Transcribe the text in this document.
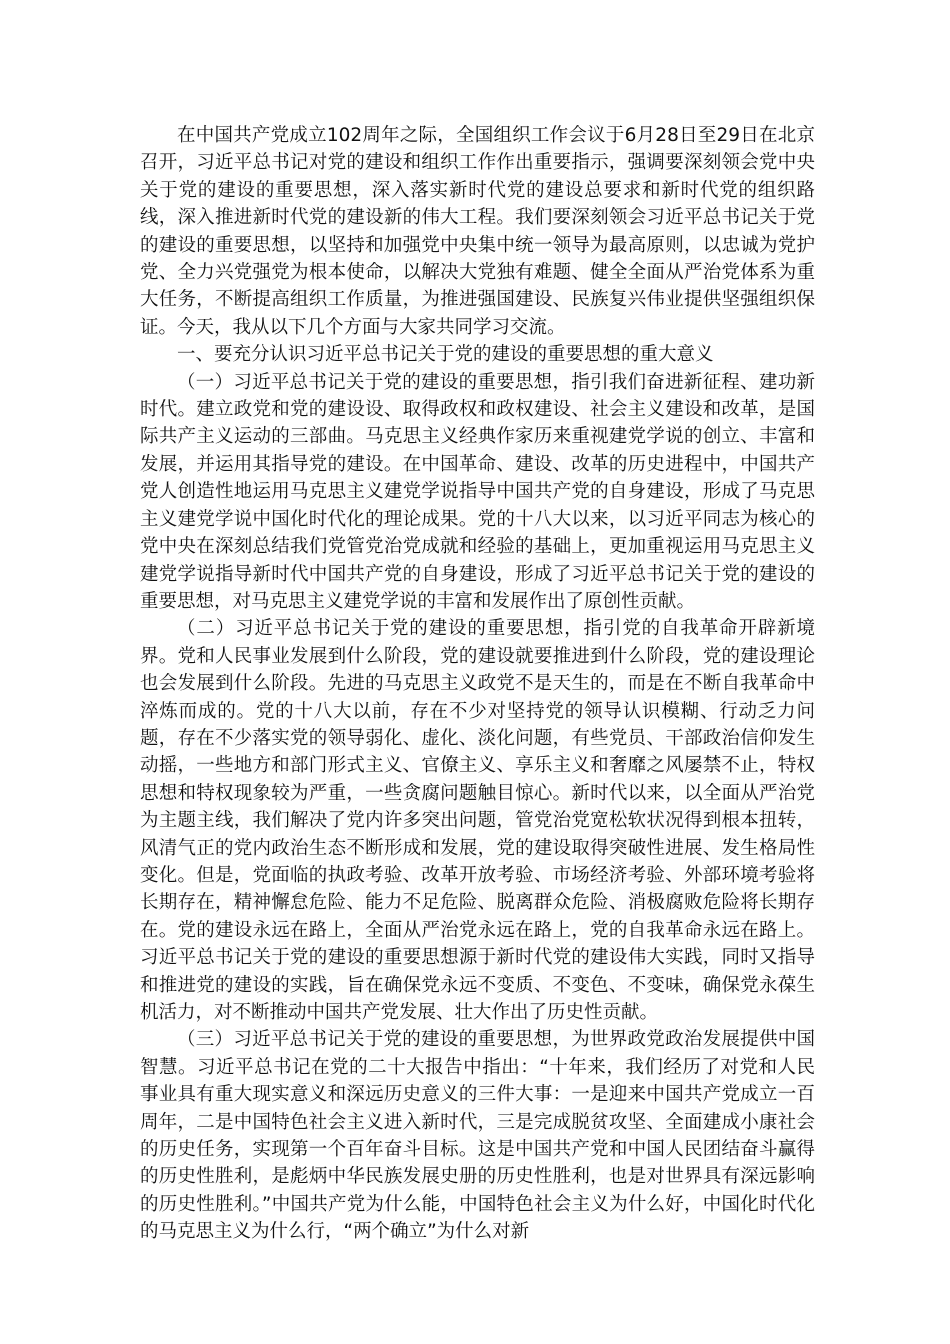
在中国共产党成立102周年之际，全国组织工作会议于6月28日至29日在北京召开，习近平总书记对党的建设和组织工作作出重要指示，强调要深刻领会党中央关于党的建设的重要思想，深入落实新时代党的建设总要求和新时代党的组织路线，深入推进新时代党的建设新的伟大工程。我们要深刻领会习近平总书记关于党的建设的重要思想，以坚持和加强党中央集中统一领导为最高原则，以忠诚为党护党、全力兴党强党为根本使命，以解决大党独有难题、健全全面从严治党体系为重大任务，不断提高组织工作质量，为推进强国建设、民族复兴伟业提供坚强组织保证。今天，我从以下几个方面与大家共同学习交流。

一、要充分认识习近平总书记关于党的建设的重要思想的重大意义

（一）习近平总书记关于党的建设的重要思想，指引我们奋进新征程、建功新时代。建立政党和党的建设设、取得政权和政权建设、社会主义建设和改革，是国际共产主义运动的三部曲。马克思主义经典作家历来重视建党学说的创立、丰富和发展，并运用其指导党的建设。在中国革命、建设、改革的历史进程中，中国共产党人创造性地运用马克思主义建党学说指导中国共产党的自身建设，形成了马克思主义建党学说中国化时代化的理论成果。党的十八大以来，以习近平同志为核心的党中央在深刻总结我们党管党治党成就和经验的基础上，更加重视运用马克思主义建党学说指导新时代中国共产党的自身建设，形成了习近平总书记关于党的建设的重要思想，对马克思主义建党学说的丰富和发展作出了原创性贡献。

（二）习近平总书记关于党的建设的重要思想，指引党的自我革命开辟新境界。党和人民事业发展到什么阶段，党的建设就要推进到什么阶段，党的建设理论也会发展到什么阶段。先进的马克思主义政党不是天生的，而是在不断自我革命中淬炼而成的。党的十八大以前，存在不少对坚持党的领导认识模糊、行动乏力问题，存在不少落实党的领导弱化、虚化、淡化问题，有些党员、干部政治信仰发生动摇，一些地方和部门形式主义、官僚主义、享乐主义和奢靡之风屡禁不止，特权思想和特权现象较为严重，一些贪腐问题触目惊心。新时代以来，以全面从严治党为主题主线，我们解决了党内许多突出问题，管党治党宽松软状况得到根本扭转，风清气正的党内政治生态不断形成和发展，党的建设取得突破性进展、发生格局性变化。但是，党面临的执政考验、改革开放考验、市场经济考验、外部环境考验将长期存在，精神懈怠危险、能力不足危险、脱离群众危险、消极腐败危险将长期存在。党的建设永远在路上，全面从严治党永远在路上，党的自我革命永远在路上。习近平总书记关于党的建设的重要思想源于新时代党的建设伟大实践，同时又指导和推进党的建设的实践，旨在确保党永远不变质、不变色、不变味，确保党永葆生机活力，对不断推动中国共产党发展、壮大作出了历史性贡献。

（三）习近平总书记关于党的建设的重要思想，为世界政党政治发展提供中国智慧。习近平总书记在党的二十大报告中指出：“十年来，我们经历了对党和人民事业具有重大现实意义和深远历史意义的三件大事：一是迎来中国共产党成立一百周年，二是中国特色社会主义进入新时代，三是完成脱贫攻坚、全面建成小康社会的历史任务，实现第一个百年奋斗目标。这是中国共产党和中国人民团结奋斗赢得的历史性胜利，是彪炳中华民族发展史册的历史性胜利，也是对世界具有深远影响的历史性胜利。”中国共产党为什么能，中国特色社会主义为什么好，中国化时代化的马克思主义为什么行，“两个确立”为什么对新
